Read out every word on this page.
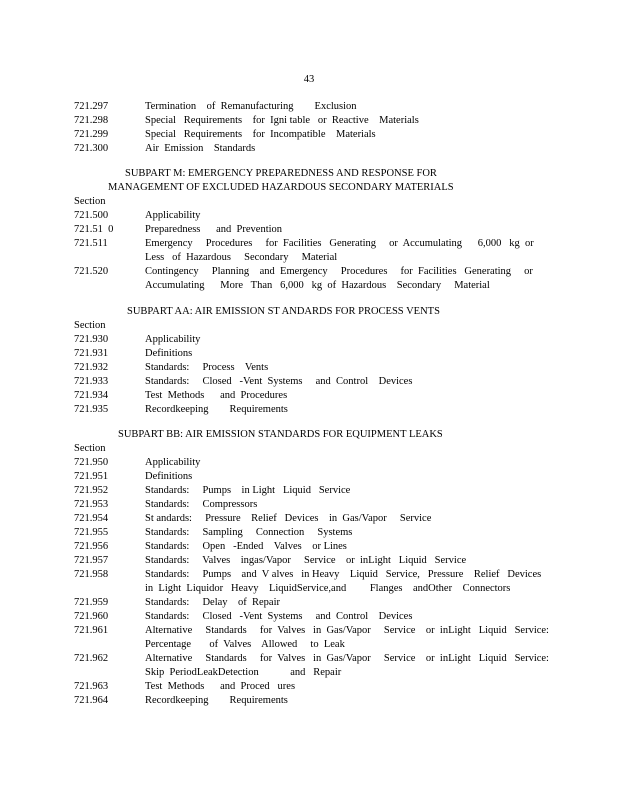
43
721.297	Termination    of  Remanufacturing        Exclusion
721.298	Special   Requirements    for  Igni table   or  Reactive    Materials
721.299	Special   Requirements    for  Incompatible    Materials
721.300	Air  Emission    Standards
SUBPART M: EMERGENCY PREPAREDNESS AND RESPONSE FOR
MANAGEMENT OF EXCLUDED HAZARDOUS SECONDARY MATERIALS
Section
721.500	Applicability
721.51  0	Preparedness      and  Prevention
721.511	Emergency     Procedures     for  Facilities   Generating     or  Accumulating      6,000   kg  or
Less   of  Hazardous     Secondary     Material
721.520	Contingency     Planning    and  Emergency     Procedures     for  Facilities   Generating     or
Accumulating      More   Than   6,000   kg  of  Hazardous    Secondary     Material
SUBPART AA: AIR EMISSION ST ANDARDS FOR PROCESS VENTS
Section
721.930	Applicability
721.931	Definitions
721.932	Standards:     Process    Vents
721.933	Standards:     Closed   -Vent  Systems     and  Control    Devices
721.934	Test  Methods      and  Procedures
721.935	Recordkeeping        Requirements
SUBPART BB: AIR EMISSION STANDARDS FOR EQUIPMENT LEAKS
Section
721.950	Applicability
721.951	Definitions
721.952	Standards:     Pumps    in Light   Liquid   Service
721.953	Standards:     Compressors
721.954	St andards:     Pressure    Relief   Devices    in  Gas/Vapor     Service
721.955	Standards:     Sampling     Connection     Systems
721.956	Standards:     Open   -Ended    Valves    or Lines
721.957	Standards:     Valves    ingas/Vapor     Service    or  inLight   Liquid   Service
721.958	Standards:     Pumps    and  V alves   in Heavy    Liquid   Service,   Pressure    Relief   Devices
in  Light  Liquidor   Heavy    LiquidService,and         Flanges    andOther    Connectors
721.959	Standards:     Delay    of  Repair
721.960	Standards:     Closed   -Vent  Systems     and  Control    Devices
721.961	Alternative     Standards     for  Valves   in  Gas/Vapor     Service    or  inLight   Liquid   Service:
Percentage       of  Valves    Allowed     to  Leak
721.962	Alternative     Standards     for  Valves   in  Gas/Vapor     Service    or  inLight   Liquid   Service:
Skip  PeriodLeakDetection            and   Repair
721.963	Test  Methods      and  Proced   ures
721.964	Recordkeeping        Requirements
